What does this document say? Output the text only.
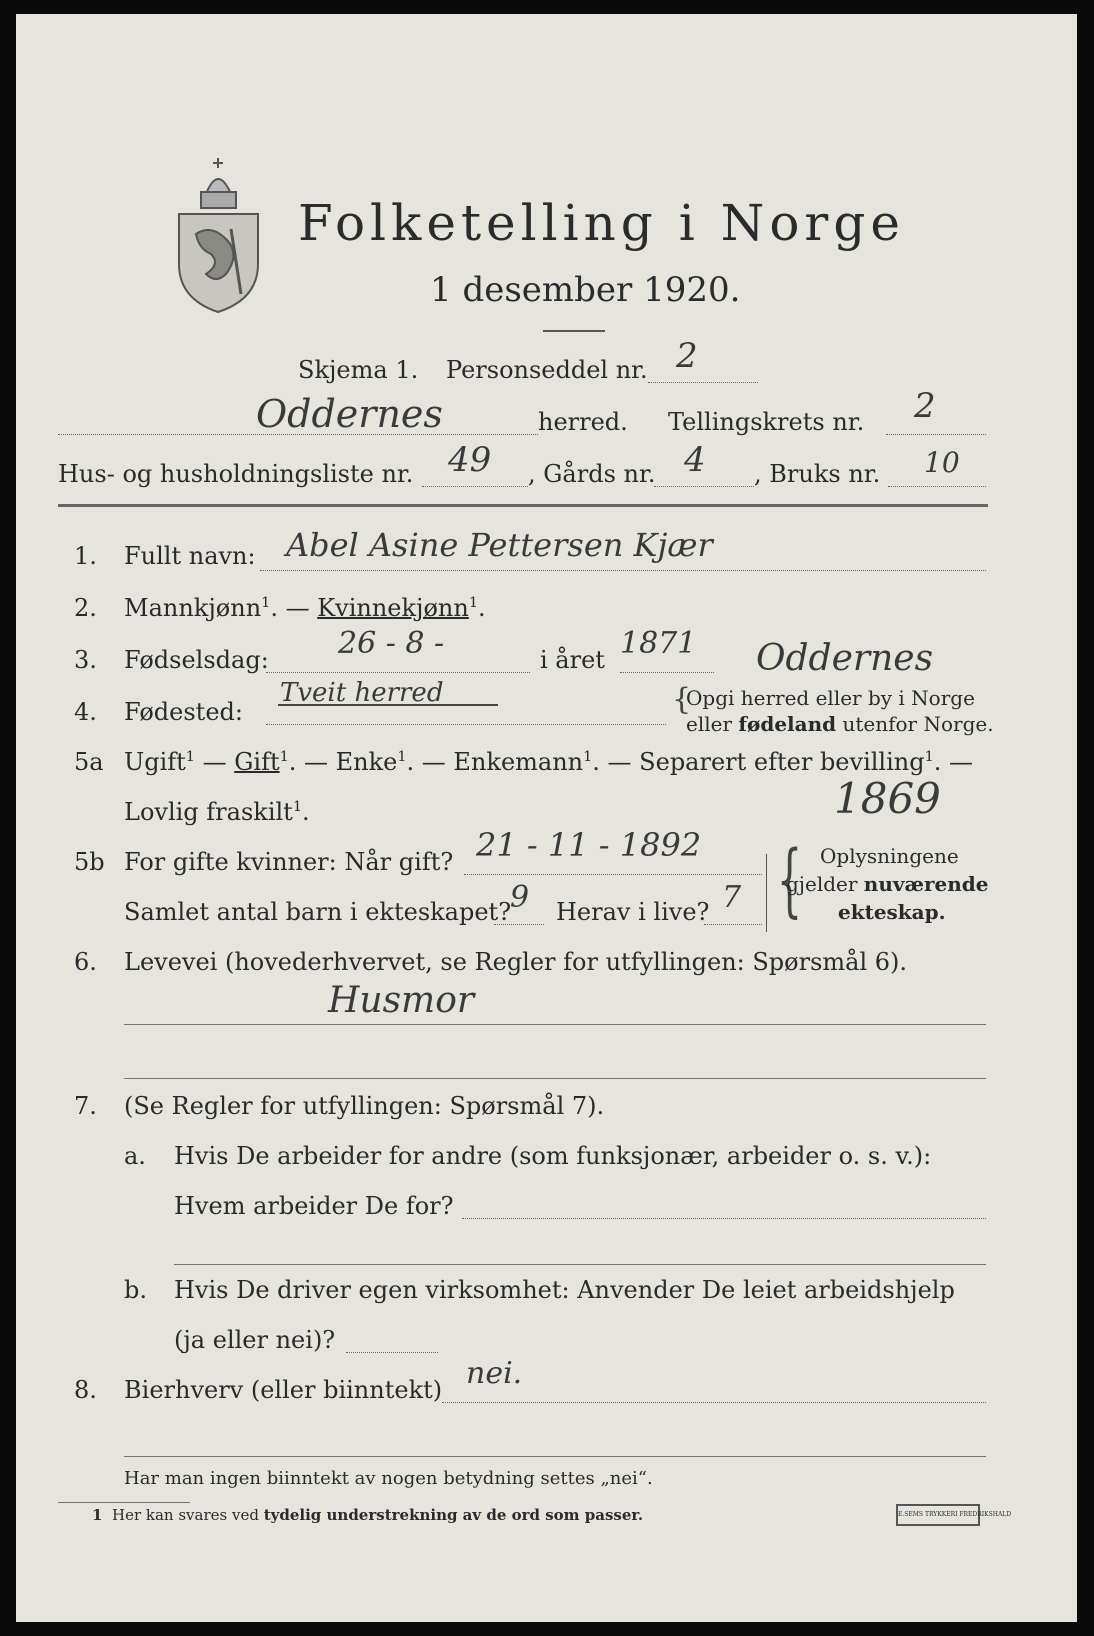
Folketelling i Norge
1 desember 1920.
Skjema 1. Personseddel nr. 2
Oddernes	herred. Tellingskrets nr. 2
Hus- og husholdningsliste nr. 49 , Gårds nr. 4 , Bruks nr. 10
1. Fullt navn: Abel Asine Pettersen Kjær
2. Mannkjønn$^1$. — Kvinnekjønn$^1$.
3. Fødselsdag: 26 - 8 -	i året 1871
4. Fødested:
Tveit herred
Oddernes
{
Opgi herred eller by i Norge
eller fødeland utenfor Norge.
5a Ugift$^1$ — Gift$^1$. — Enke$^1$. — Enkemann$^1$. — Separert efter bevilling$^1$. —
Lovlig fraskilt$^1$.	1869
5b For gifte kvinner: Når gift? 21 - 11 - 1892
Samlet antal barn i ekteskapet?
9 Herav i live? 7 { Oplysningene
gjelder nuværende
ekteskap.
6. Levevei (hovederhvervet, se Regler for utfyllingen: Spørsmål 6).
Husmor
7. (Se Regler for utfyllingen: Spørsmål 7).
a. Hvis De arbeider for andre (som funksjonær, arbeider o. s. v.):
Hvem arbeider De for?
b. Hvis De driver egen virksomhet: Anvender De leiet arbeidshjelp
(ja eller nei)?
8. Bierhverv (eller biinntekt) nei.
Har man ingen biinntekt av nogen betydning settes „nei“.
1 Her kan svares ved tydelig understrekning av de ord som passer.	E.SEMS TRYKKERI FREDRIKSHALD
